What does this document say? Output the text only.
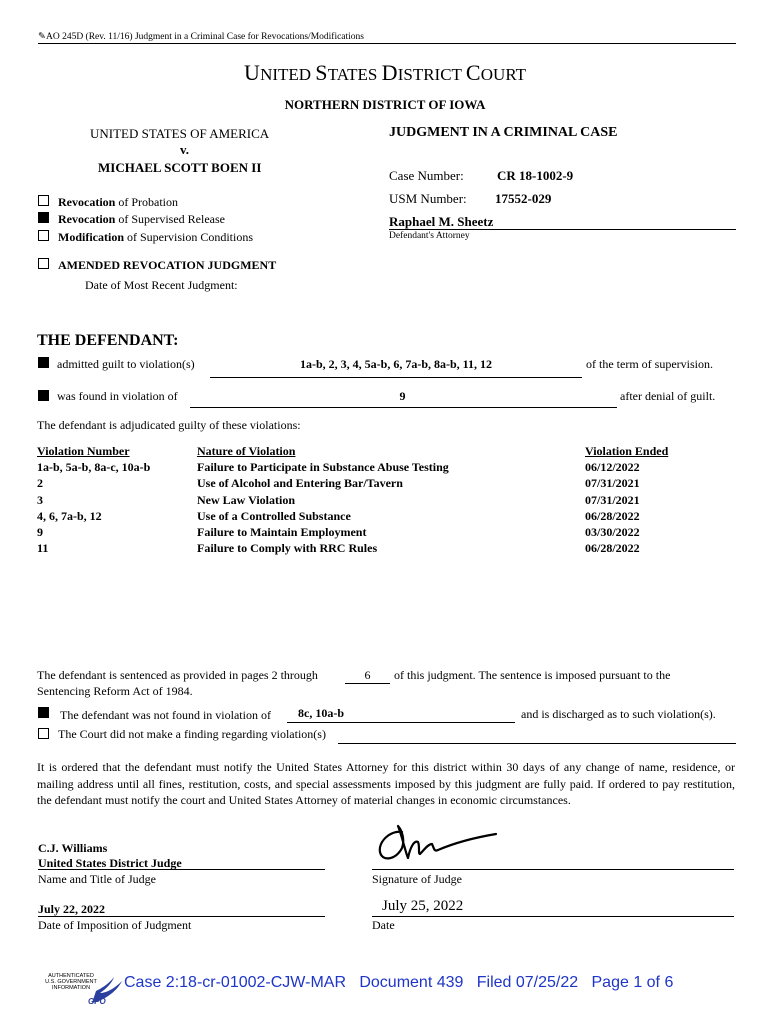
✎AO 245D (Rev. 11/16) Judgment in a Criminal Case for Revocations/Modifications
UNITED STATES DISTRICT COURT
NORTHERN DISTRICT OF IOWA
UNITED STATES OF AMERICA
v.
MICHAEL SCOTT BOEN II
JUDGMENT IN A CRIMINAL CASE
Case Number:	CR 18-1002-9
USM Number: 17552-029
Raphael M. Sheetz
Defendant's Attorney
Revocation of Probation
Revocation of Supervised Release
Modification of Supervision Conditions
AMENDED REVOCATION JUDGMENT
Date of Most Recent Judgment:
THE DEFENDANT:
admitted guilt to violation(s)	1a-b, 2, 3, 4, 5a-b, 6, 7a-b, 8a-b, 11, 12	of the term of supervision.
was found in violation of	9	after denial of guilt.
The defendant is adjudicated guilty of these violations:
Violation Number	Nature of Violation	Violation Ended
1a-b, 5a-b, 8a-c, 10a-b	Failure to Participate in Substance Abuse Testing	06/12/2022
2	Use of Alcohol and Entering Bar/Tavern	07/31/2021
3	New Law Violation	07/31/2021
4, 6, 7a-b, 12	Use of a Controlled Substance	06/28/2022
9	Failure to Maintain Employment	03/30/2022
11	Failure to Comply with RRC Rules	06/28/2022
The defendant is sentenced as provided in pages 2 through	6	of this judgment. The sentence is imposed pursuant to the
Sentencing Reform Act of 1984.
The defendant was not found in violation of 8c, 10a-b	and is discharged as to such violation(s).
The Court did not make a finding regarding violation(s)
It is ordered that the defendant must notify the United States Attorney for this district within 30 days of any change of name, residence, or mailing address until all fines, restitution, costs, and special assessments imposed by this judgment are fully paid. If ordered to pay restitution, the defendant must notify the court and United States Attorney of material changes in economic circumstances.
C.J. Williams
United States District Judge
Name and Title of Judge	Signature of Judge
July 22, 2022
Date of Imposition of Judgment
July 25, 2022
Date
AUTHENTICATED
U.S. GOVERNMENT
INFORMATION
GPO
Case 2:18-cr-01002-CJW-MAR Document 439 Filed 07/25/22 Page 1 of 6
